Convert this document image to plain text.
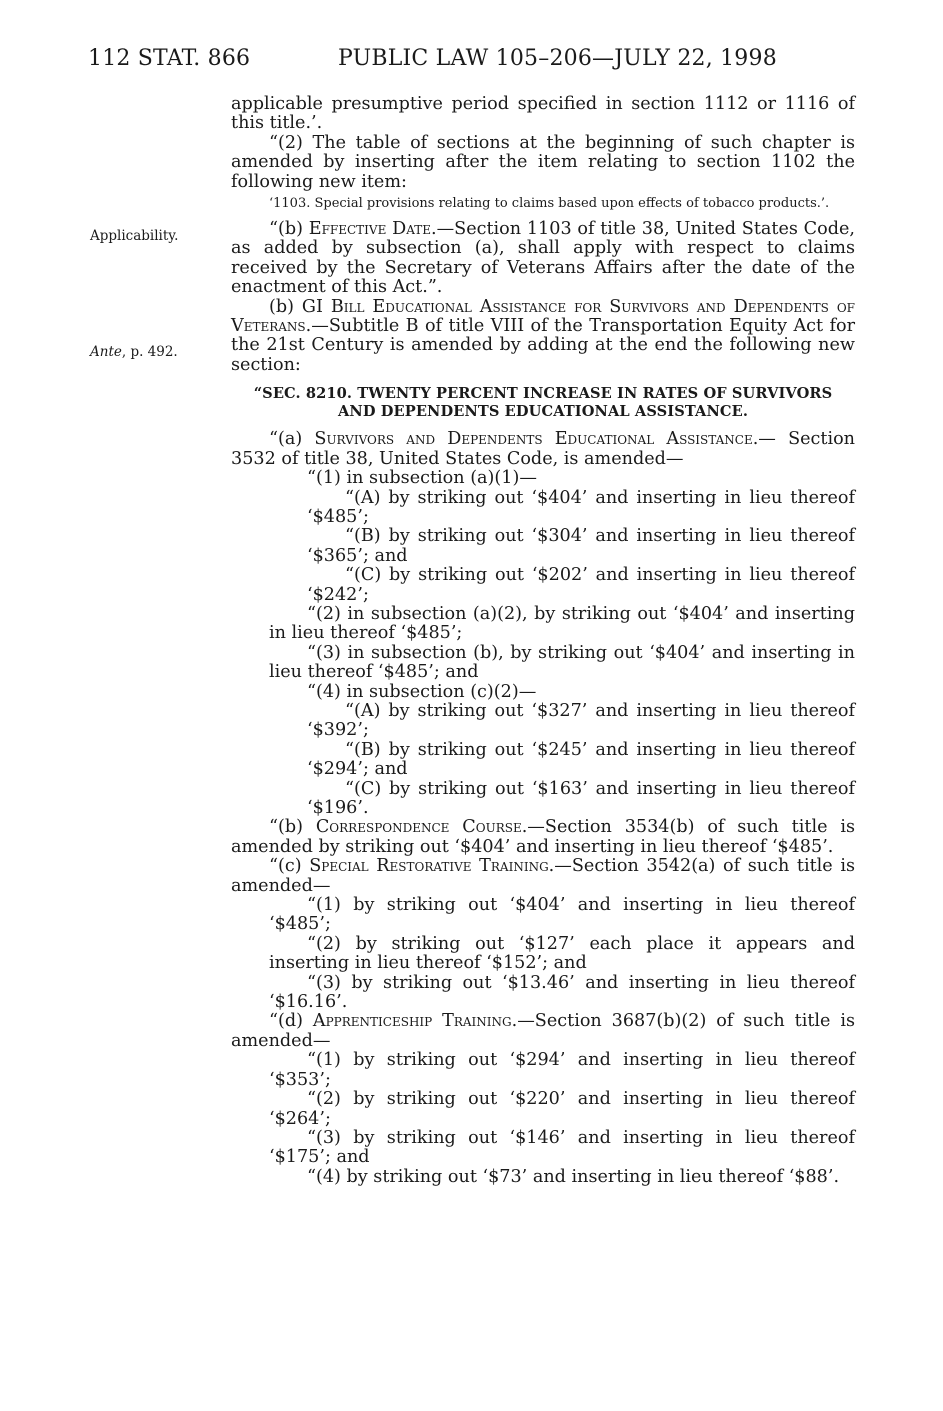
112 STAT. 866	PUBLIC LAW 105–206—JULY 22, 1998
Applicability.
Ante, p. 492.

applicable presumptive period specified in section 1112 or 1116 of this title.’.

“(2) The table of sections at the beginning of such chapter is amended by inserting after the item relating to section 1102 the following new item:

‘1103. Special provisions relating to claims based upon effects of tobacco products.’.

“(b) Effective Date.—Section 1103 of title 38, United States Code, as added by subsection (a), shall apply with respect to claims received by the Secretary of Veterans Affairs after the date of the enactment of this Act.”.

(b) GI Bill Educational Assistance for Survivors and Dependents of Veterans.—Subtitle B of title VIII of the Transportation Equity Act for the 21st Century is amended by adding at the end the following new section:

“SEC. 8210. TWENTY PERCENT INCREASE IN RATES OF SURVIVORS
AND DEPENDENTS EDUCATIONAL ASSISTANCE.

“(a) Survivors and Dependents Educational Assistance.— Section 3532 of title 38, United States Code, is amended—

“(1) in subsection (a)(1)—

“(A) by striking out ‘$404’ and inserting in lieu thereof ‘$485’;

“(B) by striking out ‘$304’ and inserting in lieu thereof ‘$365’; and

“(C) by striking out ‘$202’ and inserting in lieu thereof ‘$242’;

“(2) in subsection (a)(2), by striking out ‘$404’ and inserting in lieu thereof ‘$485’;

“(3) in subsection (b), by striking out ‘$404’ and inserting in lieu thereof ‘$485’; and

“(4) in subsection (c)(2)—

“(A) by striking out ‘$327’ and inserting in lieu thereof ‘$392’;

“(B) by striking out ‘$245’ and inserting in lieu thereof ‘$294’; and

“(C) by striking out ‘$163’ and inserting in lieu thereof ‘$196’.

“(b) Correspondence Course.—Section 3534(b) of such title is amended by striking out ‘$404’ and inserting in lieu thereof ‘$485’.

“(c) Special Restorative Training.—Section 3542(a) of such title is amended—

“(1) by striking out ‘$404’ and inserting in lieu thereof ‘$485’;

“(2) by striking out ‘$127’ each place it appears and inserting in lieu thereof ‘$152’; and

“(3) by striking out ‘$13.46’ and inserting in lieu thereof ‘$16.16’.

“(d) Apprenticeship Training.—Section 3687(b)(2) of such title is amended—

“(1) by striking out ‘$294’ and inserting in lieu thereof ‘$353’;

“(2) by striking out ‘$220’ and inserting in lieu thereof ‘$264’;

“(3) by striking out ‘$146’ and inserting in lieu thereof ‘$175’; and

“(4) by striking out ‘$73’ and inserting in lieu thereof ‘$88’.
